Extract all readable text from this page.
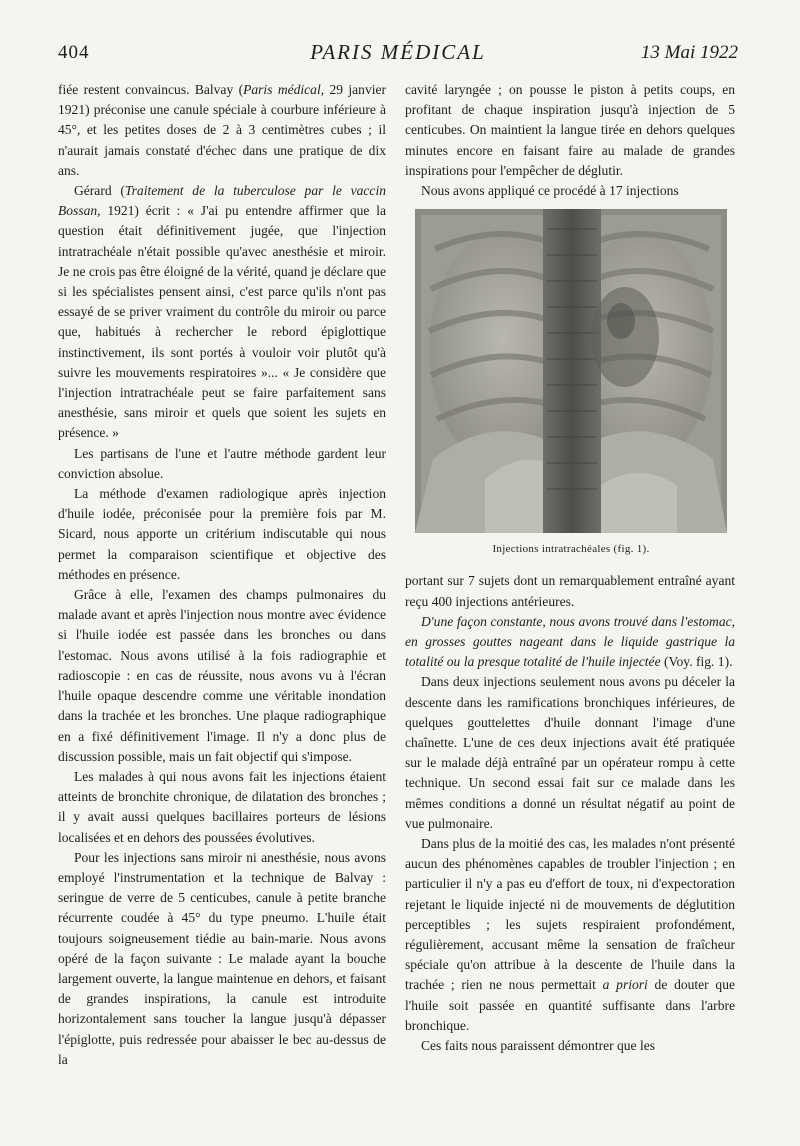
404	PARIS MÉDICAL	13 Mai 1922

fiée restent convaincus. Balvay (Paris médical, 29 janvier 1921) préconise une canule spéciale à courbure inférieure à 45°, et les petites doses de 2 à 3 centimètres cubes ; il n'aurait jamais constaté d'échec dans une pratique de dix ans.

Gérard (Traitement de la tuberculose par le vaccin Bossan, 1921) écrit : « J'ai pu entendre affirmer que la question était définitivement jugée, que l'injection intratrachéale n'était possible qu'avec anesthésie et miroir. Je ne crois pas être éloigné de la vérité, quand je déclare que si les spécialistes pensent ainsi, c'est parce qu'ils n'ont pas essayé de se priver vraiment du contrôle du miroir ou parce que, habitués à rechercher le rebord épiglottique instinctivement, ils sont portés à vouloir voir plutôt qu'à suivre les mouvements respiratoires »... « Je considère que l'injection intratrachéale peut se faire parfaitement sans anesthésie, sans miroir et quels que soient les sujets en présence. »

Les partisans de l'une et l'autre méthode gardent leur conviction absolue.

La méthode d'examen radiologique après injection d'huile iodée, préconisée pour la première fois par M. Sicard, nous apporte un critérium indiscutable qui nous permet la comparaison scientifique et objective des méthodes en présence.

Grâce à elle, l'examen des champs pulmonaires du malade avant et après l'injection nous montre avec évidence si l'huile iodée est passée dans les bronches ou dans l'estomac. Nous avons utilisé à la fois radiographie et radioscopie : en cas de réussite, nous avons vu à l'écran l'huile opaque descendre comme une véritable inondation dans la trachée et les bronches. Une plaque radiographique en a fixé définitivement l'image. Il n'y a donc plus de discussion possible, mais un fait objectif qui s'impose.

Les malades à qui nous avons fait les injections étaient atteints de bronchite chronique, de dilatation des bronches ; il y avait aussi quelques bacillaires porteurs de lésions localisées et en dehors des poussées évolutives.

Pour les injections sans miroir ni anesthésie, nous avons employé l'instrumentation et la technique de Balvay : seringue de verre de 5 centicubes, canule à petite branche récurrente coudée à 45° du type pneumo. L'huile était toujours soigneusement tiédie au bain-marie. Nous avons opéré de la façon suivante : Le malade ayant la bouche largement ouverte, la langue maintenue en dehors, et faisant de grandes inspirations, la canule est introduite horizontalement sans toucher la langue jusqu'à dépasser l'épiglotte, puis redressée pour abaisser le bec au-dessus de la

cavité laryngée ; on pousse le piston à petits coups, en profitant de chaque inspiration jusqu'à injection de 5 centicubes. On maintient la langue tirée en dehors quelques minutes encore en faisant faire au malade de grandes inspirations pour l'empêcher de déglutir.

Nous avons appliqué ce procédé à 17 injections

Injections intratrachéales (fig. 1).

portant sur 7 sujets dont un remarquablement entraîné ayant reçu 400 injections antérieures.

D'une façon constante, nous avons trouvé dans l'estomac, en grosses gouttes nageant dans le liquide gastrique la totalité ou la presque totalité de l'huile injectée (Voy. fig. 1).

Dans deux injections seulement nous avons pu déceler la descente dans les ramifications bronchiques inférieures, de quelques gouttelettes d'huile donnant l'image d'une chaînette. L'une de ces deux injections avait été pratiquée sur le malade déjà entraîné par un opérateur rompu à cette technique. Un second essai fait sur ce malade dans les mêmes conditions a donné un résultat négatif au point de vue pulmonaire.

Dans plus de la moitié des cas, les malades n'ont présenté aucun des phénomènes capables de troubler l'injection ; en particulier il n'y a pas eu d'effort de toux, ni d'expectoration rejetant le liquide injecté ni de mouvements de déglutition perceptibles ; les sujets respiraient profondément, régulièrement, accusant même la sensation de fraîcheur spéciale qu'on attribue à la descente de l'huile dans la trachée ; rien ne nous permettait a priori de douter que l'huile soit passée en quantité suffisante dans l'arbre bronchique.

Ces faits nous paraissent démontrer que les
